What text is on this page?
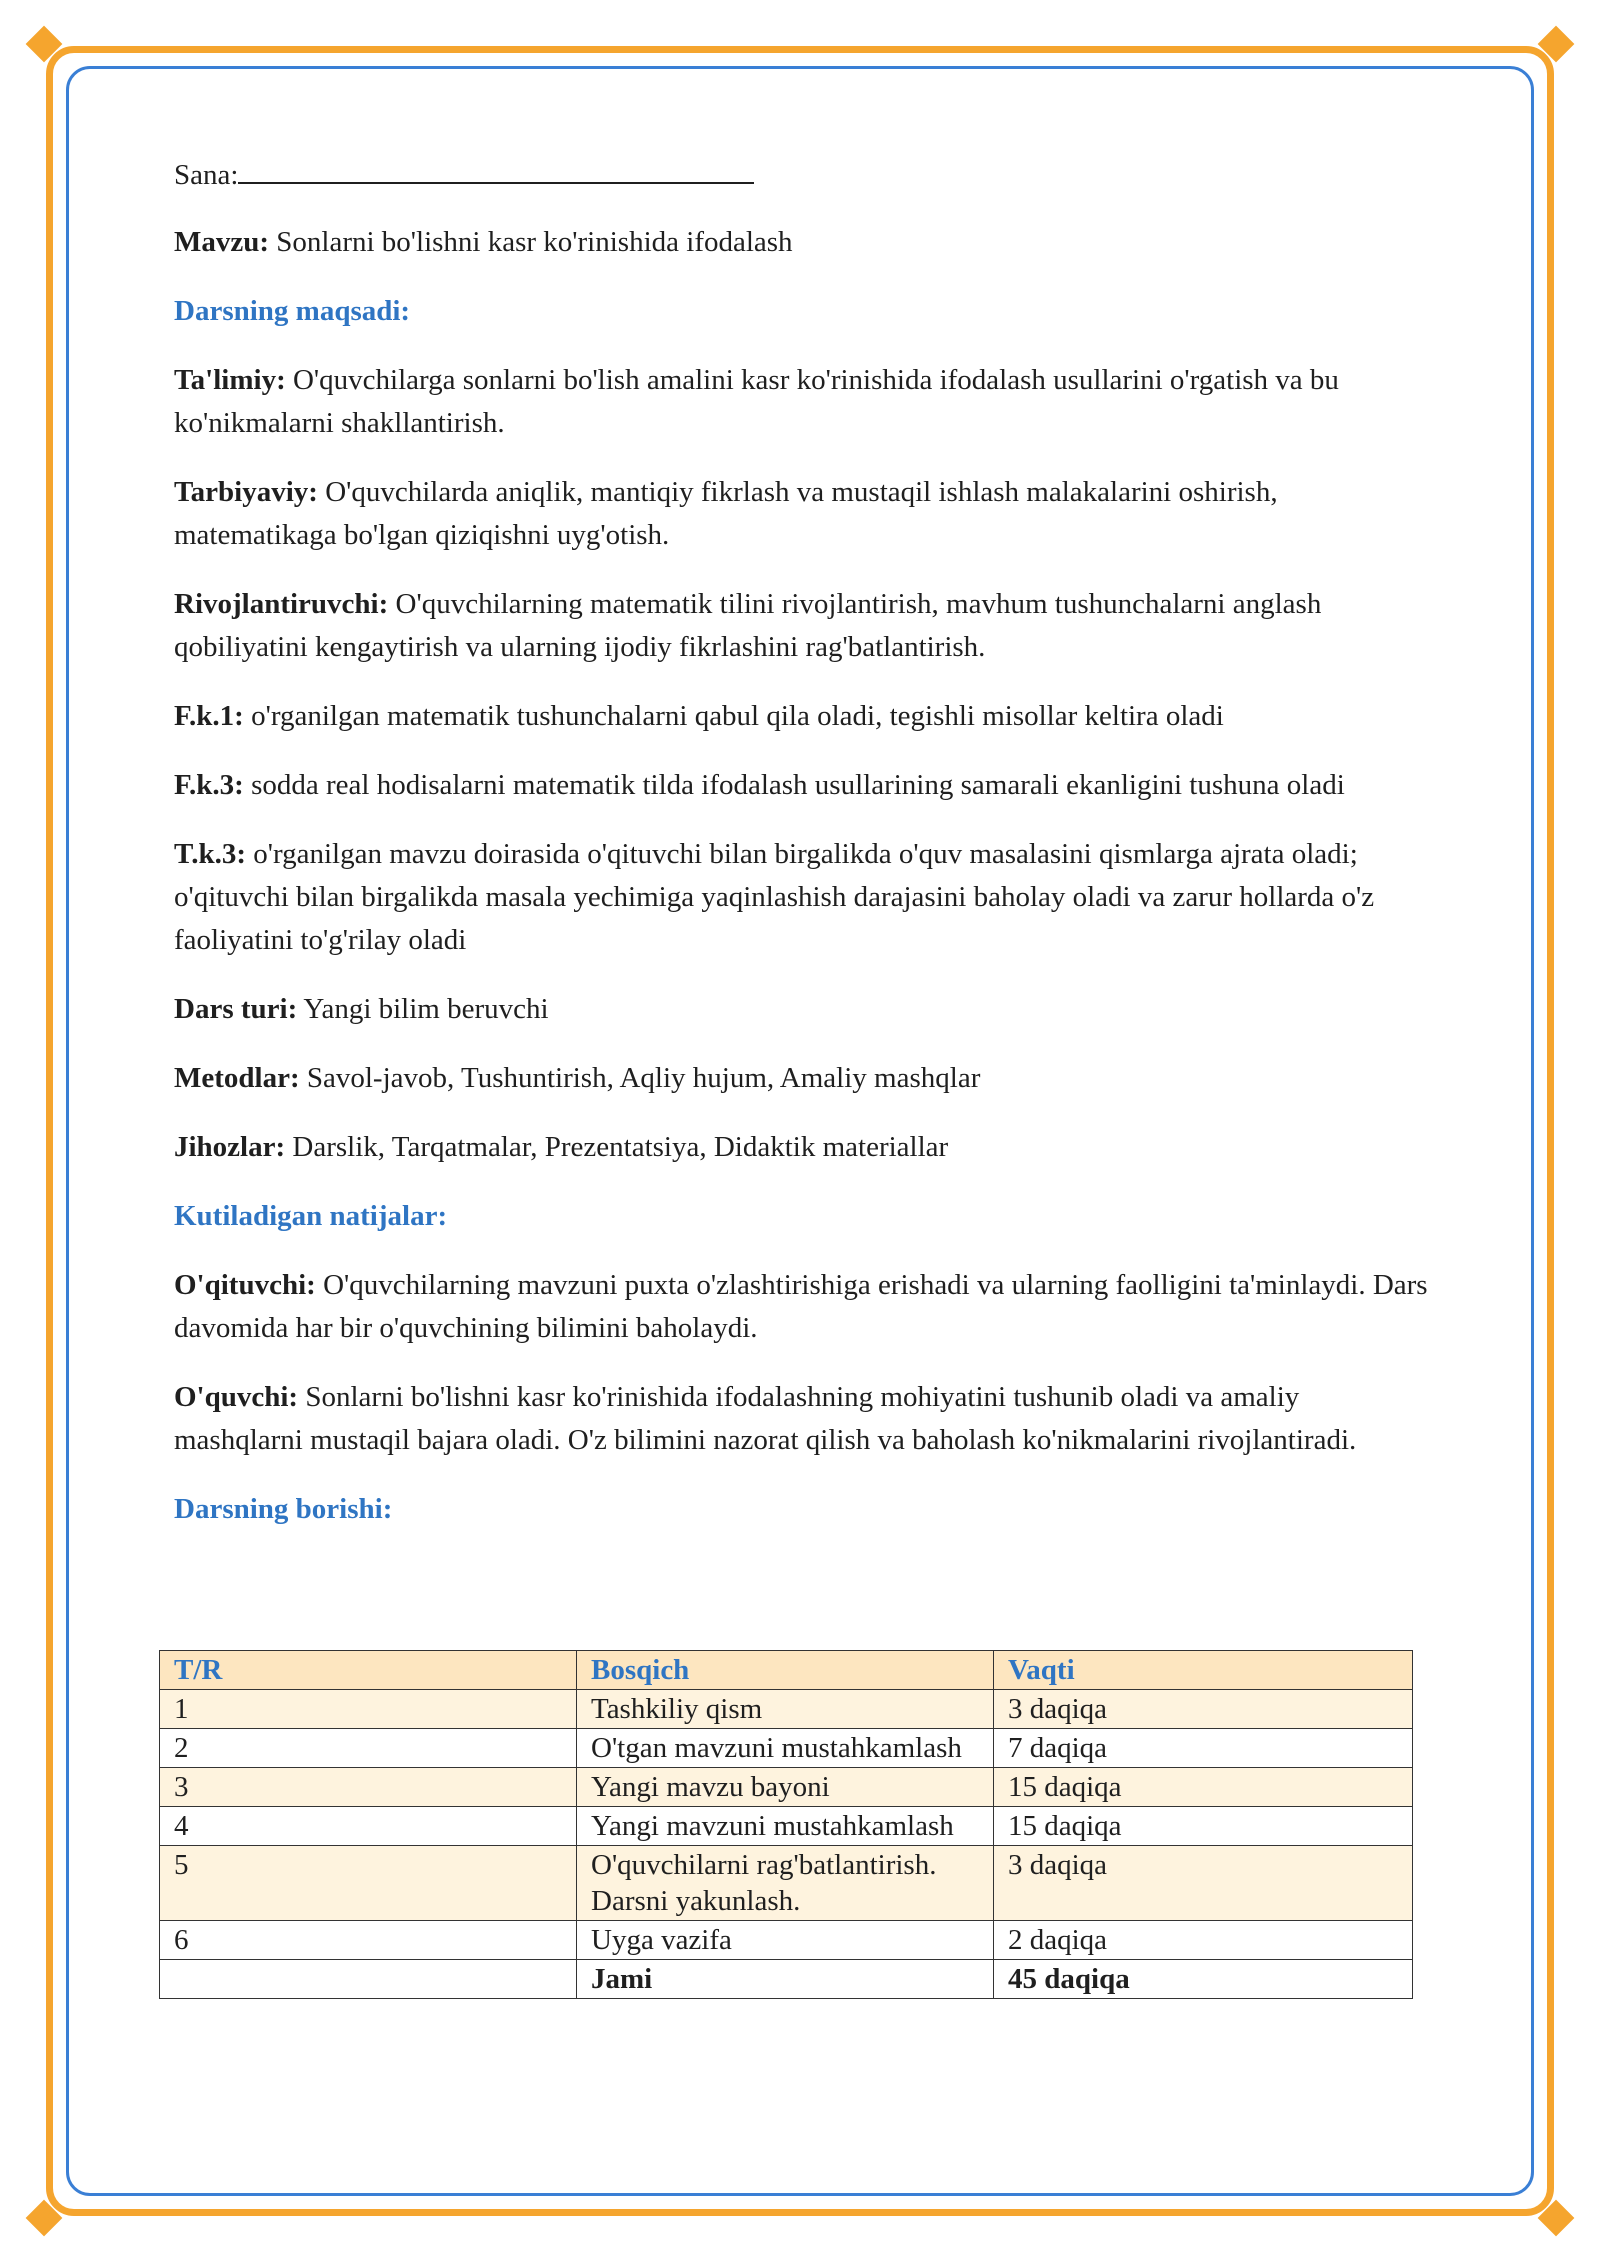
Sana:

Mavzu: Sonlarni bo'lishni kasr ko'rinishida ifodalash

Darsning maqsadi:

Ta'limiy: O'quvchilarga sonlarni bo'lish amalini kasr ko'rinishida ifodalash usullarini o'rgatish va bu ko'nikmalarni shakllantirish.

Tarbiyaviy: O'quvchilarda aniqlik, mantiqiy fikrlash va mustaqil ishlash malakalarini oshirish, matematikaga bo'lgan qiziqishni uyg'otish.

Rivojlantiruvchi: O'quvchilarning matematik tilini rivojlantirish, mavhum tushunchalarni anglash qobiliyatini kengaytirish va ularning ijodiy fikrlashini rag'batlantirish.

F.k.1: o'rganilgan matematik tushunchalarni qabul qila oladi, tegishli misollar keltira oladi

F.k.3: sodda real hodisalarni matematik tilda ifodalash usullarining samarali ekanligini tushuna oladi

T.k.3: o'rganilgan mavzu doirasida o'qituvchi bilan birgalikda o'quv masalasini qismlarga ajrata oladi; o'qituvchi bilan birgalikda masala yechimiga yaqinlashish darajasini baholay oladi va zarur hollarda o'z faoliyatini to'g'rilay oladi

Dars turi: Yangi bilim beruvchi

Metodlar: Savol-javob, Tushuntirish, Aqliy hujum, Amaliy mashqlar

Jihozlar: Darslik, Tarqatmalar, Prezentatsiya, Didaktik materiallar

Kutiladigan natijalar:

O'qituvchi: O'quvchilarning mavzuni puxta o'zlashtirishiga erishadi va ularning faolligini ta'minlaydi. Dars davomida har bir o'quvchining bilimini baholaydi.

O'quvchi: Sonlarni bo'lishni kasr ko'rinishida ifodalashning mohiyatini tushunib oladi va amaliy mashqlarni mustaqil bajara oladi. O'z bilimini nazorat qilish va baholash ko'nikmalarini rivojlantiradi.

Darsning borishi:

T/R	Bosqich	Vaqti
1	Tashkiliy qism	3 daqiqa
2	O'tgan mavzuni mustahkamlash	7 daqiqa
3	Yangi mavzu bayoni	15 daqiqa
4	Yangi mavzuni mustahkamlash	15 daqiqa
5	O'quvchilarni rag'batlantirish. Darsni yakunlash.	3 daqiqa
6	Uyga vazifa	2 daqiqa
	Jami	45 daqiqa
